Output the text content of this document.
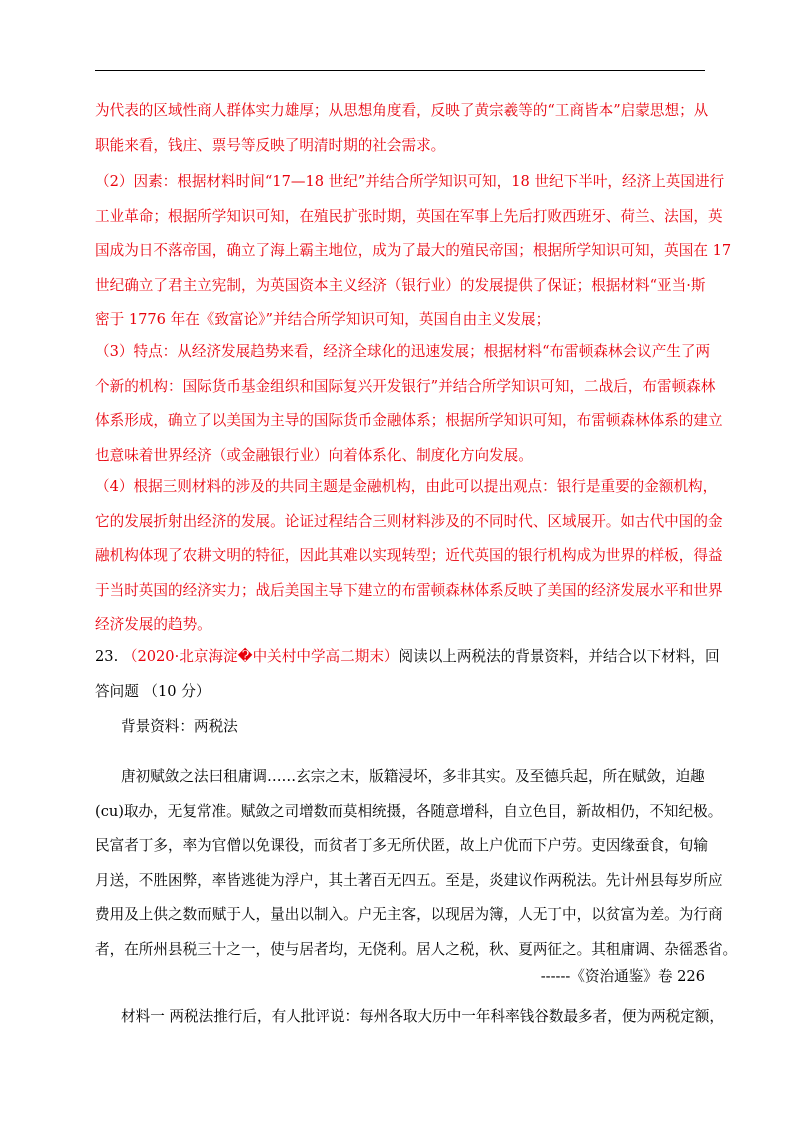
为代表的区域性商人群体实力雄厚；从思想角度看，反映了黄宗羲等的“工商皆本”启蒙思想；从
职能来看，钱庄、票号等反映了明清时期的社会需求。
（2）因素：根据材料时间“17—18 世纪”并结合所学知识可知，18 世纪下半叶，经济上英国进行
工业革命；根据所学知识可知，在殖民扩张时期，英国在军事上先后打败西班牙、荷兰、法国，英
国成为日不落帝国，确立了海上霸主地位，成为了最大的殖民帝国；根据所学知识可知，英国在 17
世纪确立了君主立宪制，为英国资本主义经济（银行业）的发展提供了保证；根据材料“亚当·斯
密于 1776 年在《致富论》”并结合所学知识可知，英国自由主义发展；
（3）特点：从经济发展趋势来看，经济全球化的迅速发展；根据材料“布雷顿森林会议产生了两
个新的机构：国际货币基金组织和国际复兴开发银行”并结合所学知识可知，二战后，布雷顿森林
体系形成，确立了以美国为主导的国际货币金融体系；根据所学知识可知，布雷顿森林体系的建立
也意味着世界经济（或金融银行业）向着体系化、制度化方向发展。
（4）根据三则材料的涉及的共同主题是金融机构，由此可以提出观点：银行是重要的金额机构，
它的发展折射出经济的发展。论证过程结合三则材料涉及的不同时代、区域展开。如古代中国的金
融机构体现了农耕文明的特征，因此其难以实现转型；近代英国的银行机构成为世界的样板，得益
于当时英国的经济实力；战后美国主导下建立的布雷顿森林体系反映了美国的经济发展水平和世界
经济发展的趋势。
23. （2020·北京海淀�中关村中学高二期末）阅读以上两税法的背景资料，并结合以下材料，回
答问题 （10 分）
背景资料：两税法
唐初赋敛之法曰租庸调……玄宗之末，版籍浸坏，多非其实。及至德兵起，所在赋敛，迫趣
(cu)取办，无复常准。赋敛之司增数而莫相统摄，各随意增科，自立色目，新故相仍，不知纪极。
民富者丁多，率为官僧以免课役，而贫者丁多无所伏匿，故上户优而下户劳。吏因缘蚕食，旬输
月送，不胜困弊，率皆逃徙为浮户，其土著百无四五。至是，炎建议作两税法。先计州县每岁所应
费用及上供之数而赋于人，量出以制入。户无主客，以现居为簿，人无丁中，以贫富为差。为行商
者，在所州县税三十之一，使与居者均，无侥利。居人之税，秋、夏两征之。其租庸调、杂徭悉省。
------《资治通鉴》卷 226
材料一 两税法推行后，有人批评说：每州各取大历中一年科率钱谷数最多者，便为两税定额，
